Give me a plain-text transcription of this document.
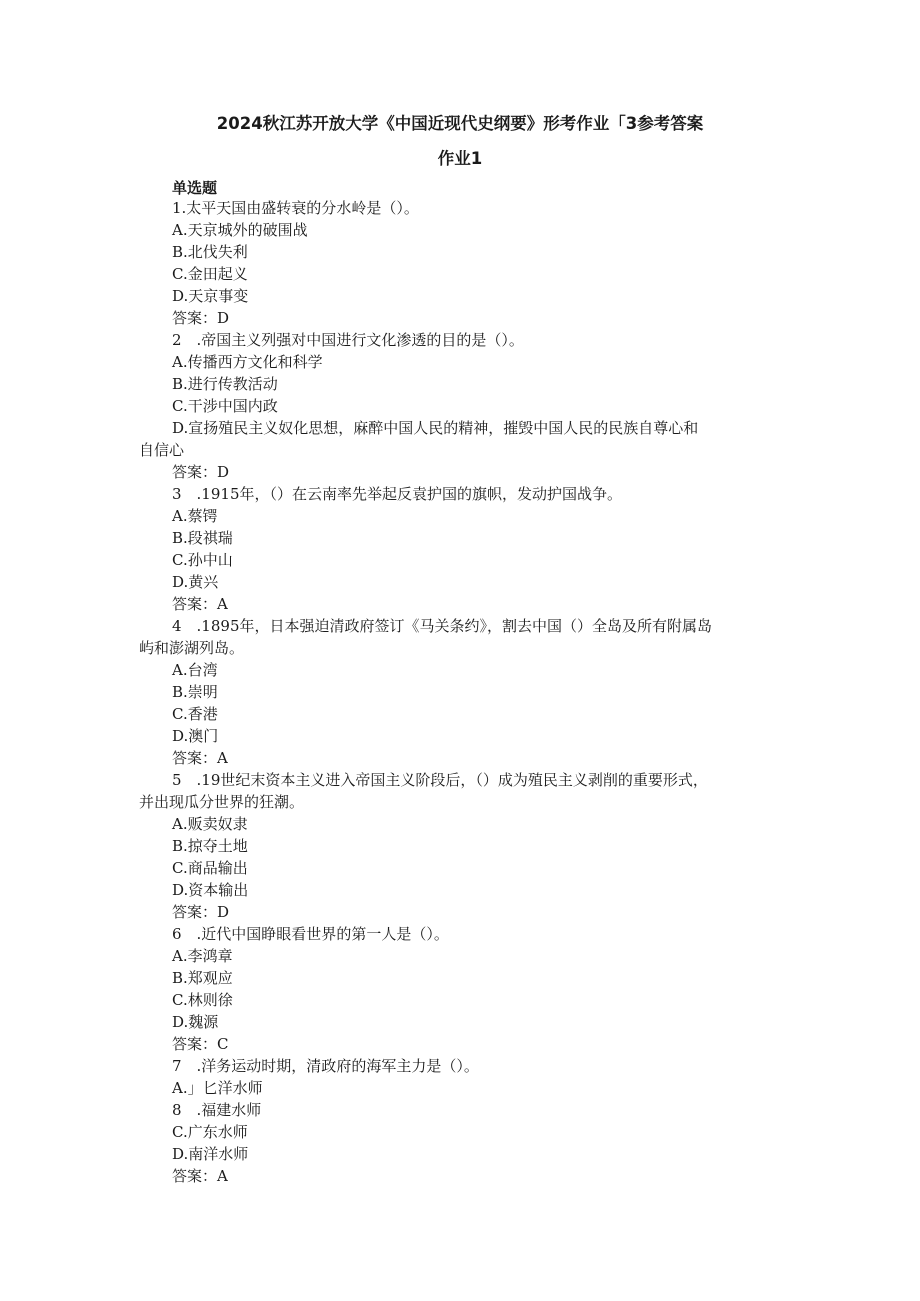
2024秋江苏开放大学《中国近现代史纲要》形考作业「3参考答案
作业1
单选题
1.太平天国由盛转衰的分水岭是（）。
A.天京城外的破围战
B.北伐失利
C.金田起义
D.天京事变
答案：D
2　.帝国主义列强对中国进行文化渗透的目的是（）。
A.传播西方文化和科学
B.进行传教活动
C.干涉中国内政
D.宣扬殖民主义奴化思想，麻醉中国人民的精神，摧毁中国人民的民族自尊心和
自信心
答案：D
3　.1915年，（）在云南率先举起反袁护国的旗帜，发动护国战争。
A.蔡锷
B.段祺瑞
C.孙中山
D.黄兴
答案：A
4　.1895年，日本强迫清政府签订《马关条约》，割去中国（）全岛及所有附属岛
屿和澎湖列岛。
A.台湾
B.崇明
C.香港
D.澳门
答案：A
5　.19世纪末资本主义进入帝国主义阶段后，（）成为殖民主义剥削的重要形式，
并出现瓜分世界的狂潮。
A.贩卖奴隶
B.掠夺土地
C.商品输出
D.资本输出
答案：D
6　.近代中国睁眼看世界的第一人是（）。
A.李鸿章
B.郑观应
C.林则徐
D.魏源
答案：C
7　.洋务运动时期，清政府的海军主力是（）。
A.」匕洋水师
8　.福建水师
C.广东水师
D.南洋水师
答案：A
